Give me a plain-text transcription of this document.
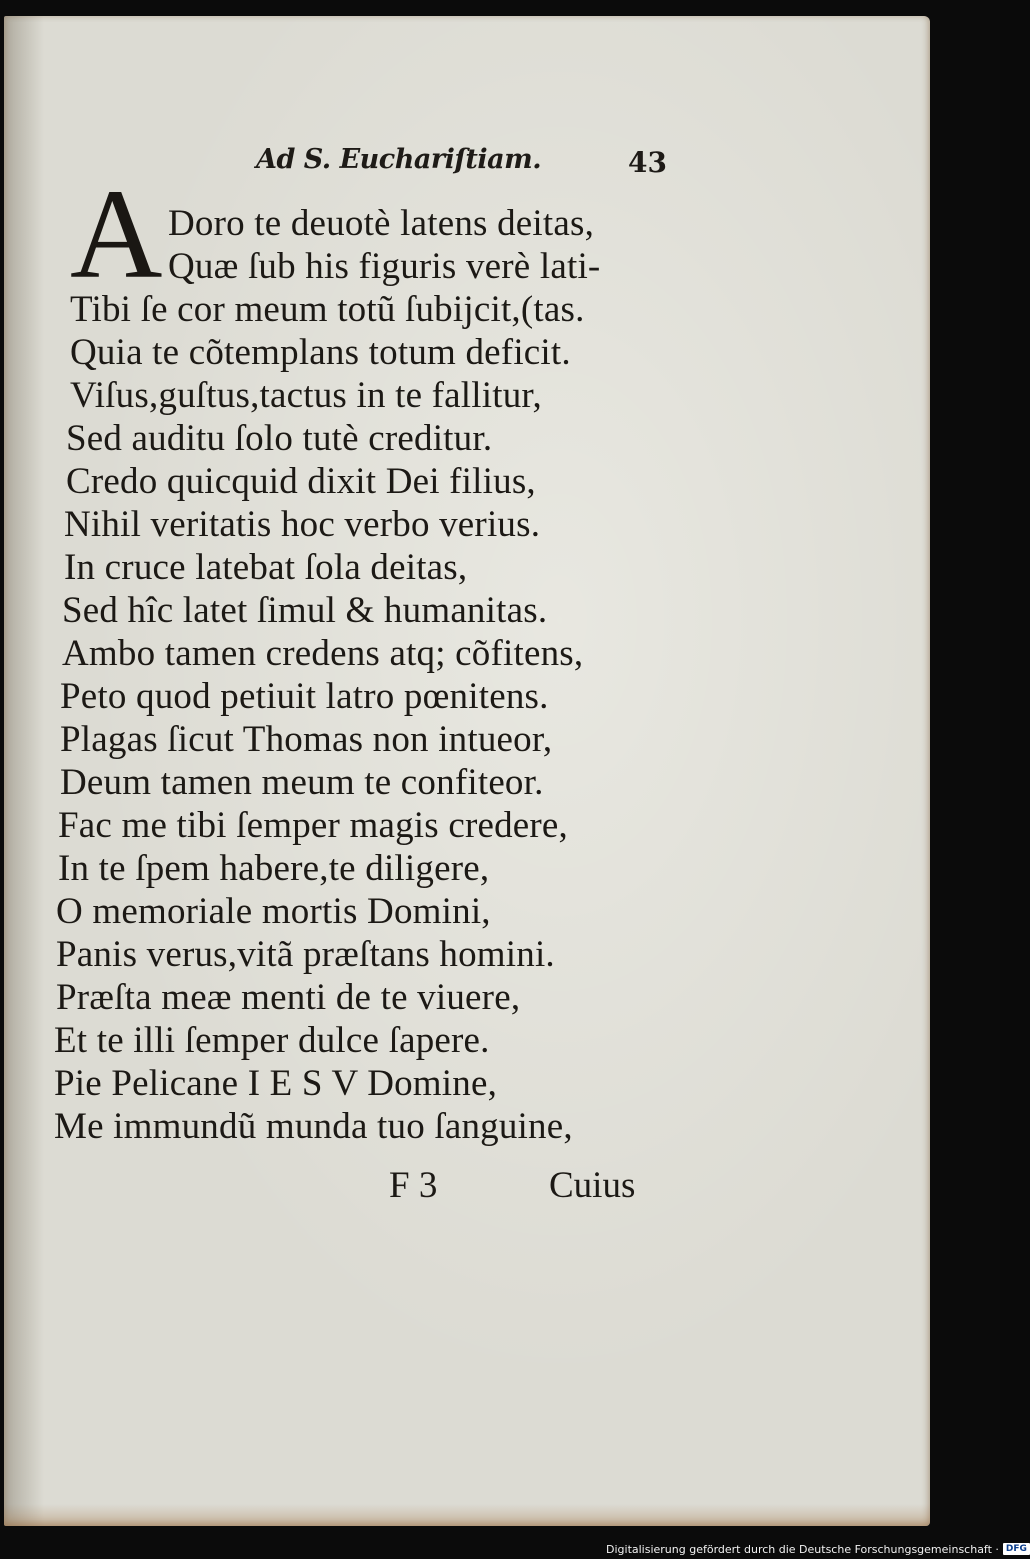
Ad S. Euchariſtiam.	43
A Doro te deuotè latens deitas,
Quæ ſub his figuris verè lati-
Tibi ſe cor meum totũ ſubijcit,(tas.
Quia te cõtemplans totum deficit.
Viſus,guſtus,tactus in te fallitur,
Sed auditu ſolo tutè creditur.
Credo quicquid dixit Dei filius,
Nihil veritatis hoc verbo verius.
In cruce latebat ſola deitas,
Sed hîc latet ſimul & humanitas.
Ambo tamen credens atq; cõfitens,
Peto quod petiuit latro pœnitens.
Plagas ſicut Thomas non intueor,
Deum tamen meum te confiteor.
Fac me tibi ſemper magis credere,
In te ſpem habere,te diligere,
O memoriale mortis Domini,
Panis verus,vitã præſtans homini.
Præſta meæ menti de te viuere,
Et te illi ſemper dulce ſapere.
Pie Pelicane I E S V Domine,
Me immundũ munda tuo ſanguine,
F 3	Cuius
Digitalisierung gefördert durch die Deutsche Forschungsgemeinschaft · DFG
